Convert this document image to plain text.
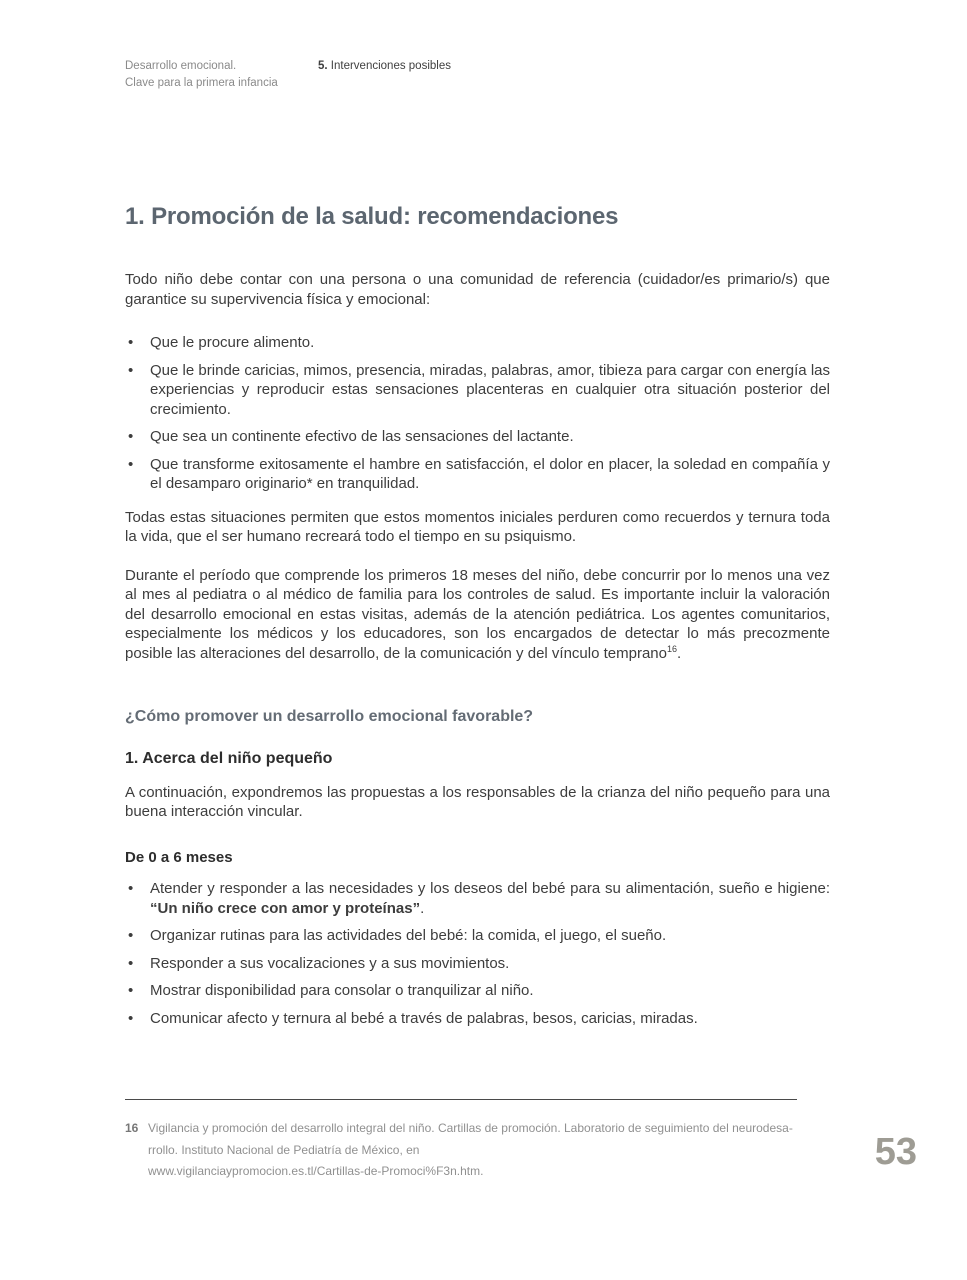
Desarrollo emocional.
Clave para la primera infancia
5. Intervenciones posibles
1. Promoción de la salud: recomendaciones

Todo niño debe contar con una persona o una comunidad de referencia (cuidador/es primario/s) que garantice su supervivencia física y emocional:

• Que le procure alimento.
• Que le brinde caricias, mimos, presencia, miradas, palabras, amor, tibieza para cargar con energía las experiencias y reproducir estas sensaciones placenteras en cualquier otra situación posterior del crecimiento.
• Que sea un continente efectivo de las sensaciones del lactante.
• Que transforme exitosamente el hambre en satisfacción, el dolor en placer, la soledad en compañía y el desamparo originario* en tranquilidad.

Todas estas situaciones permiten que estos momentos iniciales perduren como recuerdos y ternura toda la vida, que el ser humano recreará todo el tiempo en su psiquismo.

Durante el período que comprende los primeros 18 meses del niño, debe concurrir por lo menos una vez al mes al pediatra o al médico de familia para los controles de salud. Es importante incluir la valoración del desarrollo emocional en estas visitas, además de la atención pediátrica. Los agentes comunitarios, especialmente los médicos y los educadores, son los encargados de detectar lo más precozmente posible las alteraciones del desarrollo, de la comunicación y del vínculo temprano$^{16}$.

¿Cómo promover un desarrollo emocional favorable?
1. Acerca del niño pequeño

A continuación, expondremos las propuestas a los responsables de la crianza del niño pequeño para una buena interacción vincular.

De 0 a 6 meses
• Atender y responder a las necesidades y los deseos del bebé para su alimentación, sueño e higiene: “Un niño crece con amor y proteínas”.
• Organizar rutinas para las actividades del bebé: la comida, el juego, el sueño.
• Responder a sus vocalizaciones y a sus movimientos.
• Mostrar disponibilidad para consolar o tranquilizar al niño.
• Comunicar afecto y ternura al bebé a través de palabras, besos, caricias, miradas.
16 Vigilancia y promoción del desarrollo integral del niño. Cartillas de promoción. Laboratorio de seguimiento del neurodesa-
rrollo. Instituto Nacional de Pediatría de México, en
www.vigilanciaypromocion.es.tl/Cartillas-de-Promoci%F3n.htm.	53
